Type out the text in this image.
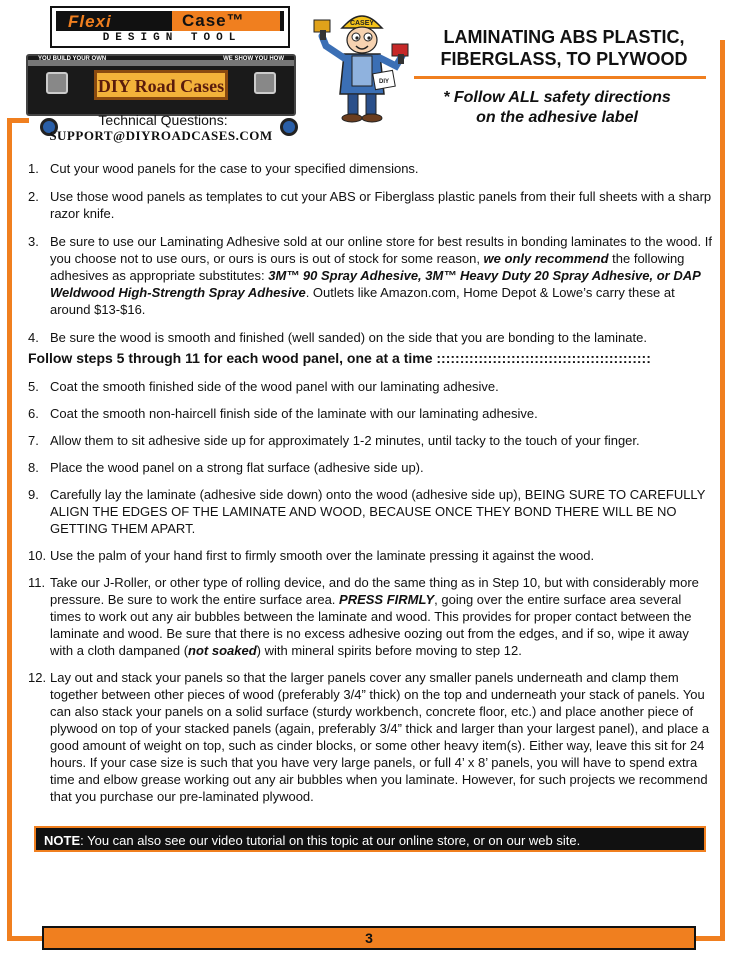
Flexi	Case™
DESIGN TOOL
YOU BUILD YOUR OWN	WE SHOW YOU HOW
DIY Road Cases
Technical Questions:
SUPPORT@DIYROADCASES.COM
CASEY
DIY
LAMINATING ABS PLASTIC,
FIBERGLASS, TO PLYWOOD
* Follow ALL safety directions
on the adhesive label
1. Cut your wood panels for the case to your specified dimensions.
2. Use those wood panels as templates to cut your ABS or Fiberglass plastic panels from their full sheets with a sharp razor knife.
3. Be sure to use our Laminating Adhesive sold at our online store for best results in bonding laminates to the wood. If you choose not to use ours, or ours is ours is out of stock for some reason, we only recommend the following adhesives as appropriate substitutes: 3M™ 90 Spray Adhesive, 3M™ Heavy Duty 20 Spray Adhesive, or DAP Weldwood High-Strength Spray Adhesive. Outlets like Amazon.com, Home Depot & Lowe’s carry these at around $13-$16.
4. Be sure the wood is smooth and finished (well sanded) on the side that you are bonding to the laminate.
Follow steps 5 through 11 for each wood panel, one at a time ::::::::::::::::::::::::::::::::::::::::::::::
5. Coat the smooth finished side of the wood panel with our laminating adhesive.
6. Coat the smooth non-haircell finish side of the laminate with our laminating adhesive.
7. Allow them to sit adhesive side up for approximately 1-2 minutes, until tacky to the touch of your finger.
8. Place the wood panel on a strong flat surface (adhesive side up).
9. Carefully lay the laminate (adhesive side down) onto the wood (adhesive side up), BEING SURE TO CAREFULLY ALIGN THE EDGES OF THE LAMINATE AND WOOD, BECAUSE ONCE THEY BOND THERE WILL BE NO GETTING THEM APART.
10. Use the palm of your hand first to firmly smooth over the laminate pressing it against the wood.
11. Take our J-Roller, or other type of rolling device, and do the same thing as in Step 10, but with considerably more pressure. Be sure to work the entire surface area. PRESS FIRMLY, going over the entire surface area several times to work out any air bubbles between the laminate and wood. This provides for proper contact between the laminate and wood. Be sure that there is no excess adhesive oozing out from the edges, and if so, wipe it away with a cloth dampaned (not soaked) with mineral spirits before moving to step 12.
12. Lay out and stack your panels so that the larger panels cover any smaller panels underneath and clamp them together between other pieces of wood (preferably 3/4” thick) on the top and underneath your stack of panels. You can also stack your panels on a solid surface (sturdy workbench, concrete floor, etc.) and place another piece of plywood on top of your stacked panels (again, preferably 3/4” thick and larger than your largest panel), and place a good amount of weight on top, such as cinder blocks, or some other heavy item(s). Either way, leave this sit for 24 hours. If your case size is such that you have very large panels, or full 4’ x 8’ panels, you will have to spend extra time and elbow grease working out any air bubbles when you laminate. However, for such projects we recommend that you purchase our pre-laminated plywood.
NOTE: You can also see our video tutorial on this topic at our online store, or on our web site.
3
